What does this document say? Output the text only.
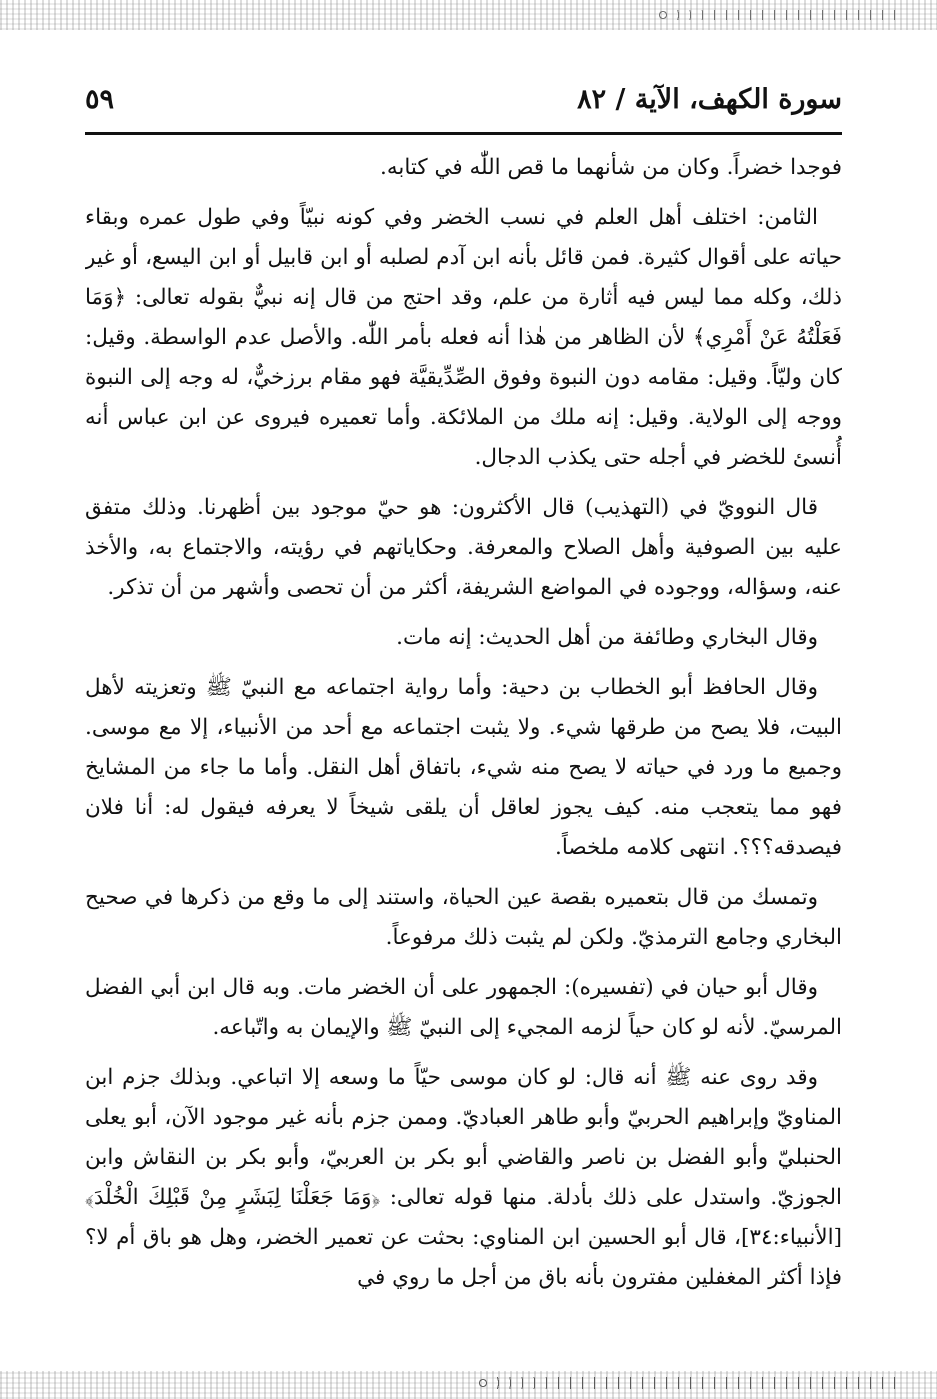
سورة الكهف، الآية / ٨٢
٥٩

فوجدا خضراً. وكان من شأنهما ما قص اللّٰه في كتابه.

الثامن: اختلف أهل العلم في نسب الخضر وفي كونه نبيّاً وفي طول عمره وبقاء حياته على أقوال كثيرة. فمن قائل بأنه ابن آدم لصلبه أو ابن قابيل أو ابن اليسع، أو غير ذلك، وكله مما ليس فيه أثارة من علم، وقد احتج من قال إنه نبيٌّ بقوله تعالى: ﴿وَمَا فَعَلْتُهُ عَنْ أَمْرِي﴾ لأن الظاهر من هٰذا أنه فعله بأمر اللّٰه. والأصل عدم الواسطة. وقيل: كان وليّاً. وقيل: مقامه دون النبوة وفوق الصِّدِّيقيَّة فهو مقام برزخيٌّ، له وجه إلى النبوة ووجه إلى الولاية. وقيل: إنه ملك من الملائكة. وأما تعميره فيروى عن ابن عباس أنه أُنسئ للخضر في أجله حتى يكذب الدجال.

قال النوويّ في (التهذيب) قال الأكثرون: هو حيّ موجود بين أظهرنا. وذلك متفق عليه بين الصوفية وأهل الصلاح والمعرفة. وحكاياتهم في رؤيته، والاجتماع به، والأخذ عنه، وسؤاله، ووجوده في المواضع الشريفة، أكثر من أن تحصى وأشهر من أن تذكر.

وقال البخاري وطائفة من أهل الحديث: إنه مات.

وقال الحافظ أبو الخطاب بن دحية: وأما رواية اجتماعه مع النبيّ ﷺ وتعزيته لأهل البيت، فلا يصح من طرقها شيء. ولا يثبت اجتماعه مع أحد من الأنبياء، إلا مع موسى. وجميع ما ورد في حياته لا يصح منه شيء، باتفاق أهل النقل. وأما ما جاء من المشايخ فهو مما يتعجب منه. كيف يجوز لعاقل أن يلقى شيخاً لا يعرفه فيقول له: أنا فلان فيصدقه؟؟؟. انتهى كلامه ملخصاً.

وتمسك من قال بتعميره بقصة عين الحياة، واستند إلى ما وقع من ذكرها في صحيح البخاري وجامع الترمذيّ. ولكن لم يثبت ذلك مرفوعاً.

وقال أبو حيان في (تفسيره): الجمهور على أن الخضر مات. وبه قال ابن أبي الفضل المرسيّ. لأنه لو كان حياً لزمه المجيء إلى النبيّ ﷺ والإيمان به واتّباعه.

وقد روى عنه ﷺ أنه قال: لو كان موسى حيّاً ما وسعه إلا اتباعي. وبذلك جزم ابن المناويّ وإبراهيم الحربيّ وأبو طاهر العباديّ. وممن جزم بأنه غير موجود الآن، أبو يعلى الحنبليّ وأبو الفضل بن ناصر والقاضي أبو بكر بن العربيّ، وأبو بكر بن النقاش وابن الجوزيّ. واستدل على ذلك بأدلة. منها قوله تعالى: ﴿وَمَا جَعَلْنَا لِبَشَرٍ مِنْ قَبْلِكَ الْخُلْدَ﴾ [الأنبياء:٣٤]، قال أبو الحسين ابن المناوي: بحثت عن تعمير الخضر، وهل هو باق أم لا؟ فإذا أكثر المغفلين مفترون بأنه باق من أجل ما روي في
